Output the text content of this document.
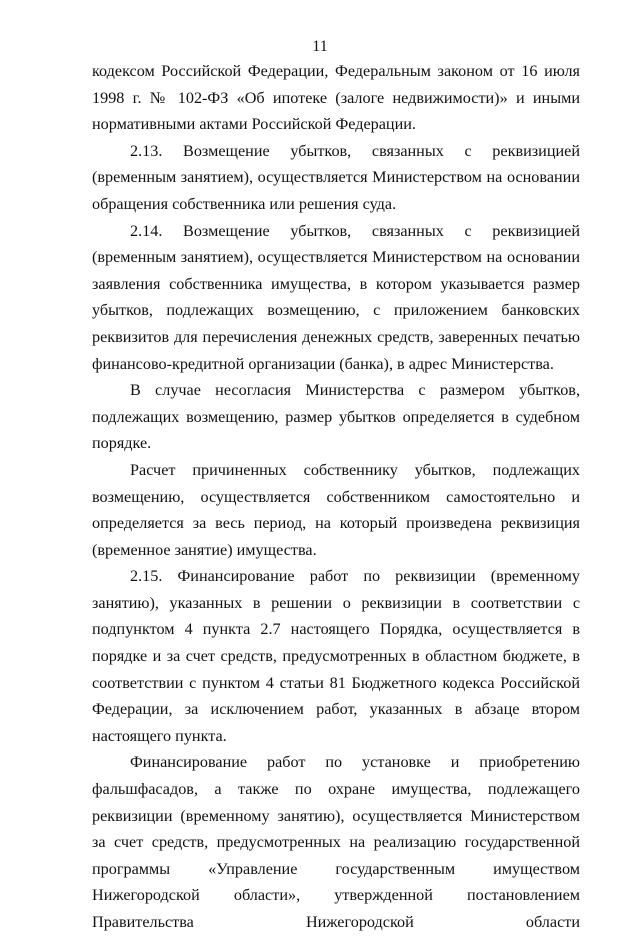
11

кодексом Российской Федерации, Федеральным законом от 16 июля 1998 г. № 102-ФЗ «Об ипотеке (залоге недвижимости)» и иными нормативными актами Российской Федерации.

2.13. Возмещение убытков, связанных с реквизицией (временным занятием), осуществляется Министерством на основании обращения собственника или решения суда.

2.14. Возмещение убытков, связанных с реквизицией (временным занятием), осуществляется Министерством на основании заявления собственника имущества, в котором указывается размер убытков, подлежащих возмещению, с приложением банковских реквизитов для перечисления денежных средств, заверенных печатью финансово-кредитной организации (банка), в адрес Министерства.

В случае несогласия Министерства с размером убытков, подлежащих возмещению, размер убытков определяется в судебном порядке.

Расчет причиненных собственнику убытков, подлежащих возмещению, осуществляется собственником самостоятельно и определяется за весь период, на который произведена реквизиция (временное занятие) имущества.

2.15. Финансирование работ по реквизиции (временному занятию), указанных в решении о реквизиции в соответствии с подпунктом 4 пункта 2.7 настоящего Порядка, осуществляется в порядке и за счет средств, предусмотренных в областном бюджете, в соответствии с пунктом 4 статьи 81 Бюджетного кодекса Российской Федерации, за исключением работ, указанных в абзаце втором настоящего пункта.

Финансирование работ по установке и приобретению фальшфасадов, а также по охране имущества, подлежащего реквизиции (временному занятию), осуществляется Министерством за счет средств, предусмотренных на реализацию государственной программы «Управление государственным имуществом Нижегородской области», утвержденной постановлением Правительства Нижегородской области
